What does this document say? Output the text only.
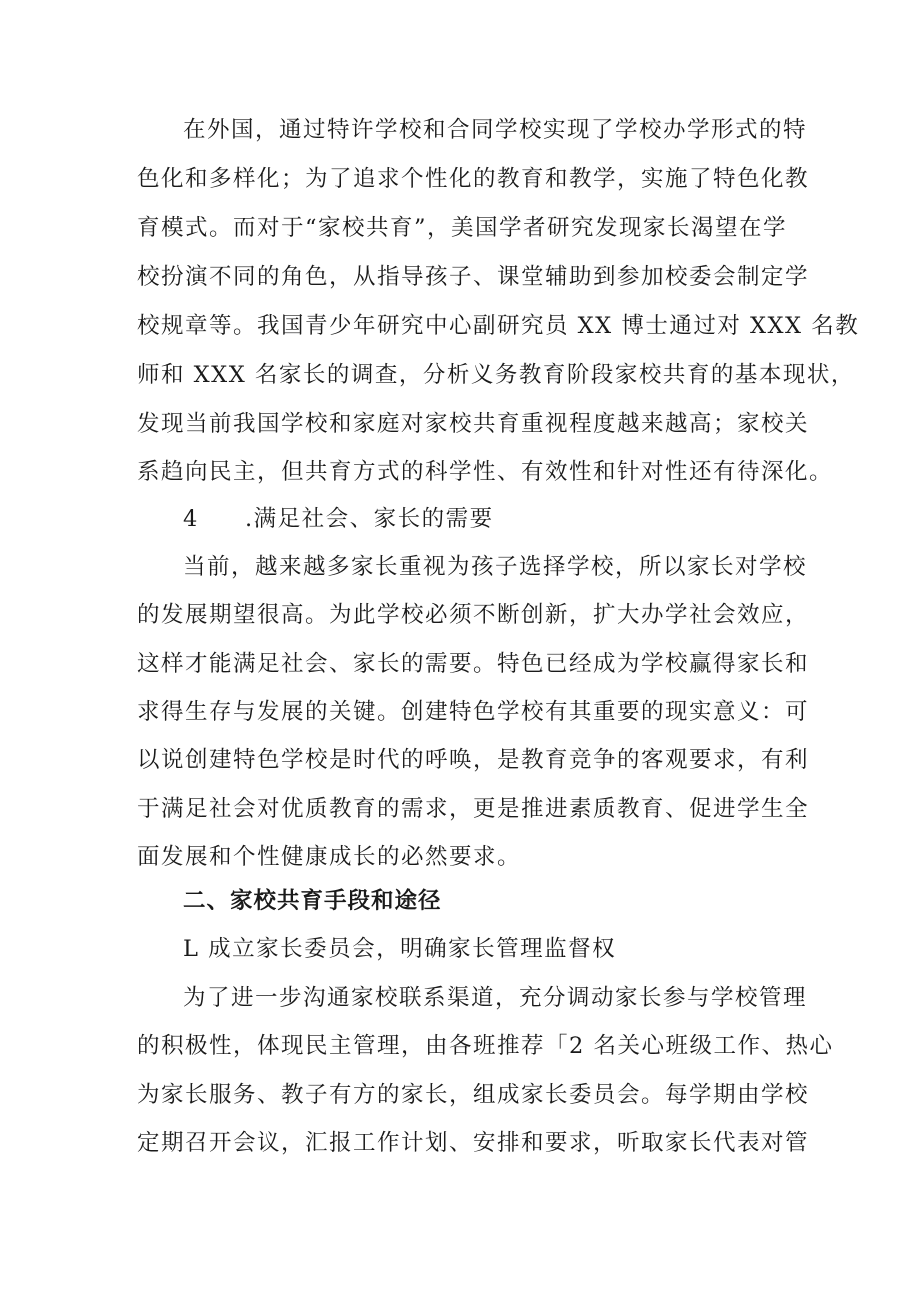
在外国，通过特许学校和合同学校实现了学校办学形式的特
色化和多样化；为了追求个性化的教育和教学，实施了特色化教
育模式。而对于“家校共育”，美国学者研究发现家长渴望在学
校扮演不同的角色，从指导孩子、课堂辅助到参加校委会制定学
校规章等。我国青少年研究中心副研究员 XX 博士通过对 XXX 名教
师和 XXX 名家长的调查，分析义务教育阶段家校共育的基本现状，
发现当前我国学校和家庭对家校共育重视程度越来越高；家校关
系趋向民主，但共育方式的科学性、有效性和针对性还有待深化。
4 .满足社会、家长的需要
当前，越来越多家长重视为孩子选择学校，所以家长对学校
的发展期望很高。为此学校必须不断创新，扩大办学社会效应，
这样才能满足社会、家长的需要。特色已经成为学校赢得家长和
求得生存与发展的关键。创建特色学校有其重要的现实意义：可
以说创建特色学校是时代的呼唤，是教育竞争的客观要求，有利
于满足社会对优质教育的需求，更是推进素质教育、促进学生全
面发展和个性健康成长的必然要求。
二、家校共育手段和途径
L 成立家长委员会，明确家长管理监督权
为了进一步沟通家校联系渠道，充分调动家长参与学校管理
的积极性，体现民主管理，由各班推荐「2 名关心班级工作、热心
为家长服务、教子有方的家长，组成家长委员会。每学期由学校
定期召开会议，汇报工作计划、安排和要求，听取家长代表对管
